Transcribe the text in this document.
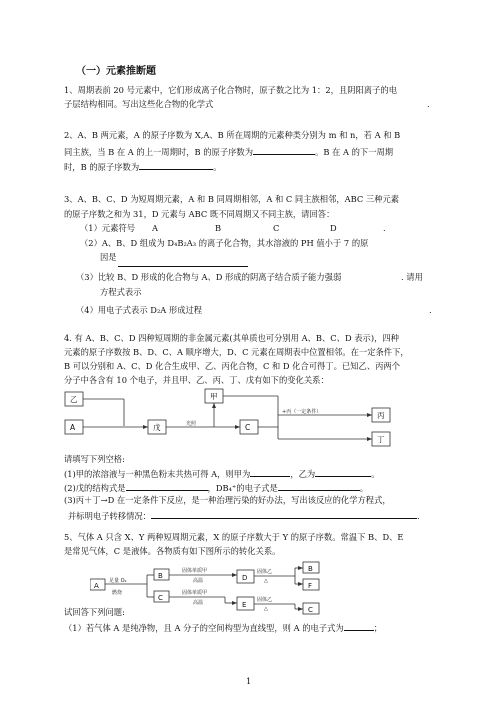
（一）元素推断题
1、周期表前 20 号元素中，它们形成离子化合物时，原子数之比为 1：2，且阴阳离子的电
子层结构相同。写出这些化合物的化学式	.
2、A、B 两元素，A 的原子序数为 X,A、B 所在周期的元素种类分别为 m 和 n，若 A 和 B
同主族，当 B 在 A 的上一周期时，B 的原子序数为	。B 在 A 的下一周期
时，B 的原子序数为	。
3、A、B、C、D 为短周期元素，A 和 B 同周期相邻，A 和 C 同主族相邻，ABC 三种元素
的原子序数之和为 31，D 元素与 ABC 既不同周期又不同主族，请回答：
（1）元素符号 A	B	C	D	.
（2）A、B、D 组成为 D₄B₂A₃ 的离子化合物，其水溶液的 PH 值小于 7 的原
因是
（3）比较 B、D 形成的化合物与 A、D 形成的阴离子结合质子能力强弱	. 请用
方程式表示
（4）用电子式表示 D₂A 形成过程	.
4. 有 A、B、C、D 四种短周期的非金属元素(其单质也可分别用 A、B、C、D 表示)，四种
元素的原子序数按 B、D、C、A 顺序增大，D、C 元素在周期表中位置相邻。在一定条件下，
B 可以分别和 A、C、D 化合生成甲、乙、丙化合物，C 和 D 化合可得丁。已知乙、丙两个
分子中各含有 10 个电子，并且甲、乙、丙、丁、戊有如下的变化关系：
乙
A	戊
甲
C
丙
丁
光照
+丙（一定条件）
请填写下列空格:
(1)甲的浓溶液与一种黑色粉末共热可得 A，则甲为	，乙为	。
(2)戊的结构式是	，DB₄⁺的电子式是	。
(3)丙＋丁→D 在一定条件下反应，是一种治理污染的好办法，写出该反应的化学方程式，
并标明电子转移情况：	.
5、气体 A 只含 X、Y 两种短周期元素，X 的原子序数大于 Y 的原子序数。常温下 B、D、E
是常见气体，C 是液体。各物质有如下图所示的转化关系。
A
B
C
D
E
B
F
C
足量 O₂
燃烧
固体单质甲
高温
固体单质甲
高温
固体乙
△
固体乙
△
试回答下列问题:
（1）若气体 A 是纯净物，且 A 分子的空间构型为直线型，则 A 的电子式为	；
1
